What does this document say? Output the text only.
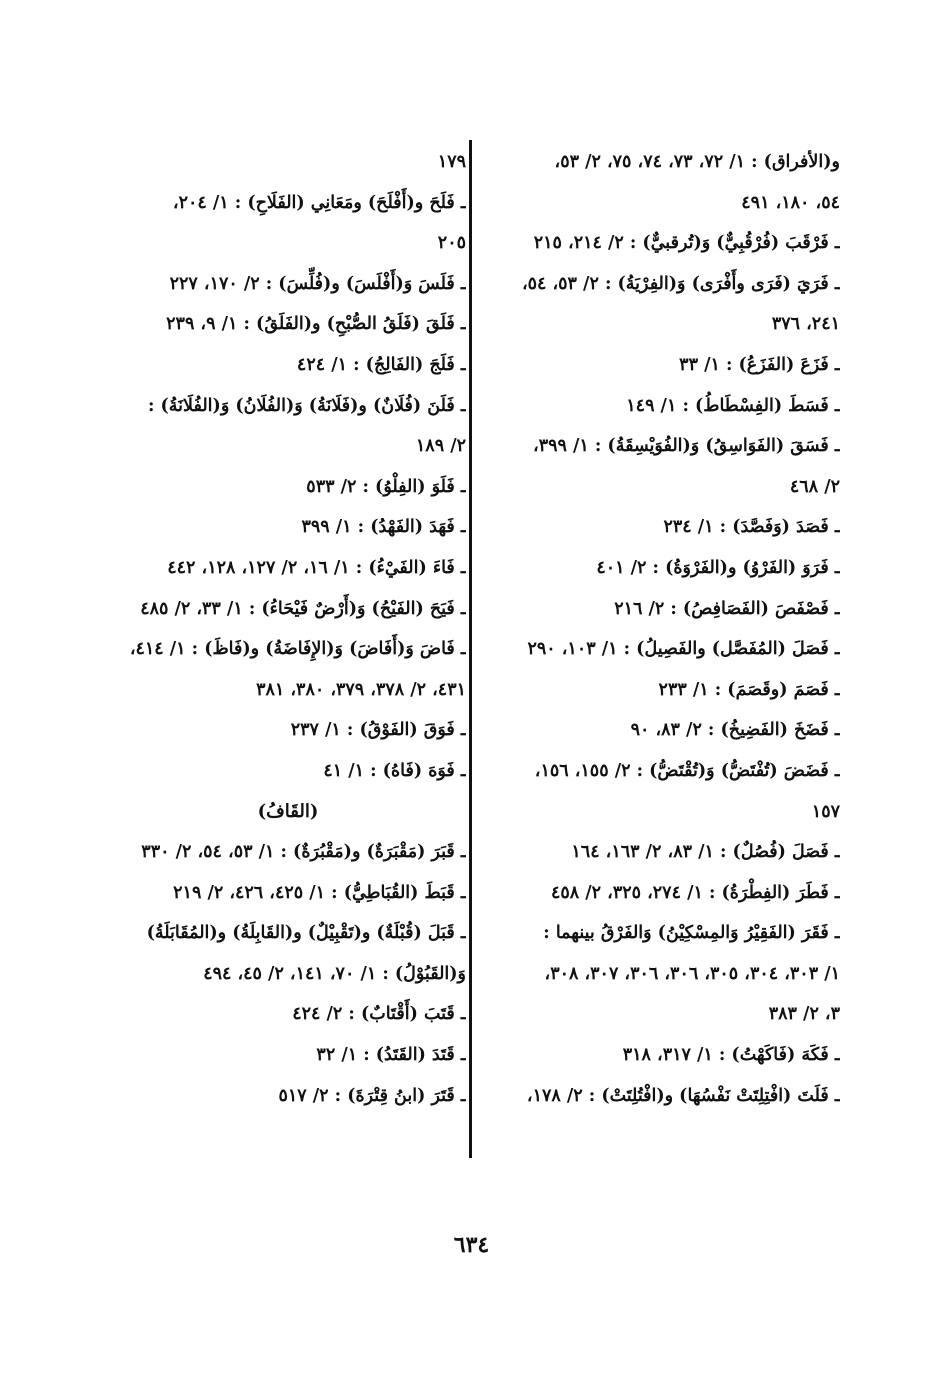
و(الأفراق) : ١/ ٧٢، ٧٣، ٧٤، ٧٥، ٢/ ٥٣،
٥٤، ١٨٠، ٤٩١
ـ فَرْقَبَ (فُرْقُبِيٌّ) وَ(تُرقبيٌّ) : ٢/ ٢١٤، ٢١٥
ـ فَرَيَ (فَرَى وأَفْرَى) وَ(الفِرْيَةُ) : ٢/ ٥٣، ٥٤،
٢٤١، ٣٧٦
ـ فَزَعَ (الفَزَعُ) : ١/ ٣٣
ـ فَسَطَ (الفِسْطَاطُ) : ١/ ١٤٩
ـ فَسَقَ (الفَوَاسِقُ) وَ(الفُوَيْسِقَةُ) : ١/ ٣٩٩،
٢/ ٤٦٨
ـ فَصَدَ (وَفَصَّدَ) : ١/ ٢٣٤
ـ فَرَوَ (الفَرْوُ) و(الفَرْوَةُ) : ٢/ ٤٠١
ـ فَصْفَصَ (الفَصَافِصُ) : ٢/ ٢١٦
ـ فَصَلَ (المُفَصَّل) والفَصِيلُ) : ١/ ١٠٣، ٢٩٠
ـ فَصَمَ (وقَصَمَ) : ١/ ٢٣٣
ـ فَضَخَ (الفَضِيخُ) : ٢/ ٨٣، ٩٠
ـ فَضَضَ (تُفْتَضُّ) وَ(تُقْتَضُّ) : ٢/ ١٥٥، ١٥٦،
١٥٧
ـ فَصَلَ (فُصُلٌ) : ١/ ٨٣، ٢/ ١٦٣، ١٦٤
ـ فَطَرَ (الفِطْرَةُ) : ١/ ٢٧٤، ٣٢٥، ٢/ ٤٥٨
ـ فَقَرَ (الفَقِيْرُ وَالمِسْكِيْنُ) وَالفَرْقُ بينهما :
١/ ٣٠٣، ٣٠٤، ٣٠٥، ٣٠٦، ٣٠٦، ٣٠٧، ٣٠٨،
٣، ٢/ ٣٨٣
ـ فَكَهَ (فَاكَهْتُ) : ١/ ٣١٧، ٣١٨
ـ فَلَتَ (افْتِلِتَتْ نَفْسُهَا) و(افْتُلِتَتْ) : ٢/ ١٧٨،
١٧٩
ـ فَلَحَ و(أَفْلَحَ) ومَعَانِي (الفَلَاحِ) : ١/ ٢٠٤،
٢٠٥
ـ فَلَسَ وَ(أَفْلَسَ) و(فُلِّسَ) : ٢/ ١٧٠، ٢٢٧
ـ فَلَقَ (فَلَقُ الصُّبْحِ) و(الفَلَقُ) : ١/ ٩، ٢٣٩
ـ فَلَجَ (الفَالِجُ) : ١/ ٤٢٤
ـ فَلَنَ (فُلَانٌ) و(فَلَانَةُ) وَ(الفُلَانُ) وَ(الفُلَانَةُ) :
٢/ ١٨٩
ـ فَلَوَ (الفِلْوُ) : ٢/ ٥٣٣
ـ فَهَدَ (الفَهْدُ) : ١/ ٣٩٩
ـ فَاءَ (الفَيْءُ) : ١/ ١٦، ٢/ ١٢٧، ١٢٨، ٤٤٢
ـ فَيَحَ (الفَيْحُ) وَ(أَرْضٌ فَيْحَاءُ) : ١/ ٣٣، ٢/ ٤٨٥
ـ فَاضَ وَ(أَفَاضَ) وَ(الإِفَاضَةُ) و(فَاظَ) : ١/ ٤١٤،
٤٣١، ٢/ ٣٧٨، ٣٧٩، ٣٨٠، ٣٨١
ـ فَوَقَ (الفَوْقُ) : ١/ ٢٣٧
ـ فَوَهَ (فَاهُ) : ١/ ٤١
(القَافُ)
ـ قَبَرَ (مَقْبَرَةٌ) و(مَقْبُرَةٌ) : ١/ ٥٣، ٥٤، ٢/ ٣٣٠
ـ قَبَطَ (القُبَاطِيُّ) : ١/ ٤٢٥، ٤٢٦، ٢/ ٢١٩
ـ قَبَلَ (قُبْلَةٌ) و(تَقْبِيْلٌ) و(القَابِلَةُ) و(المُقَابَلَةُ)
وَ(القَبُوْلُ) : ١/ ٧٠، ١٤١، ٢/ ٤٥، ٤٩٤
ـ قَتَبَ (أَقْتَابٌ) : ٢/ ٤٢٤
ـ قَتَدَ (القَتَدُ) : ١/ ٣٢
ـ قَتَرَ (ابنُ قِتْرَةَ) : ٢/ ٥١٧
٦٣٤
